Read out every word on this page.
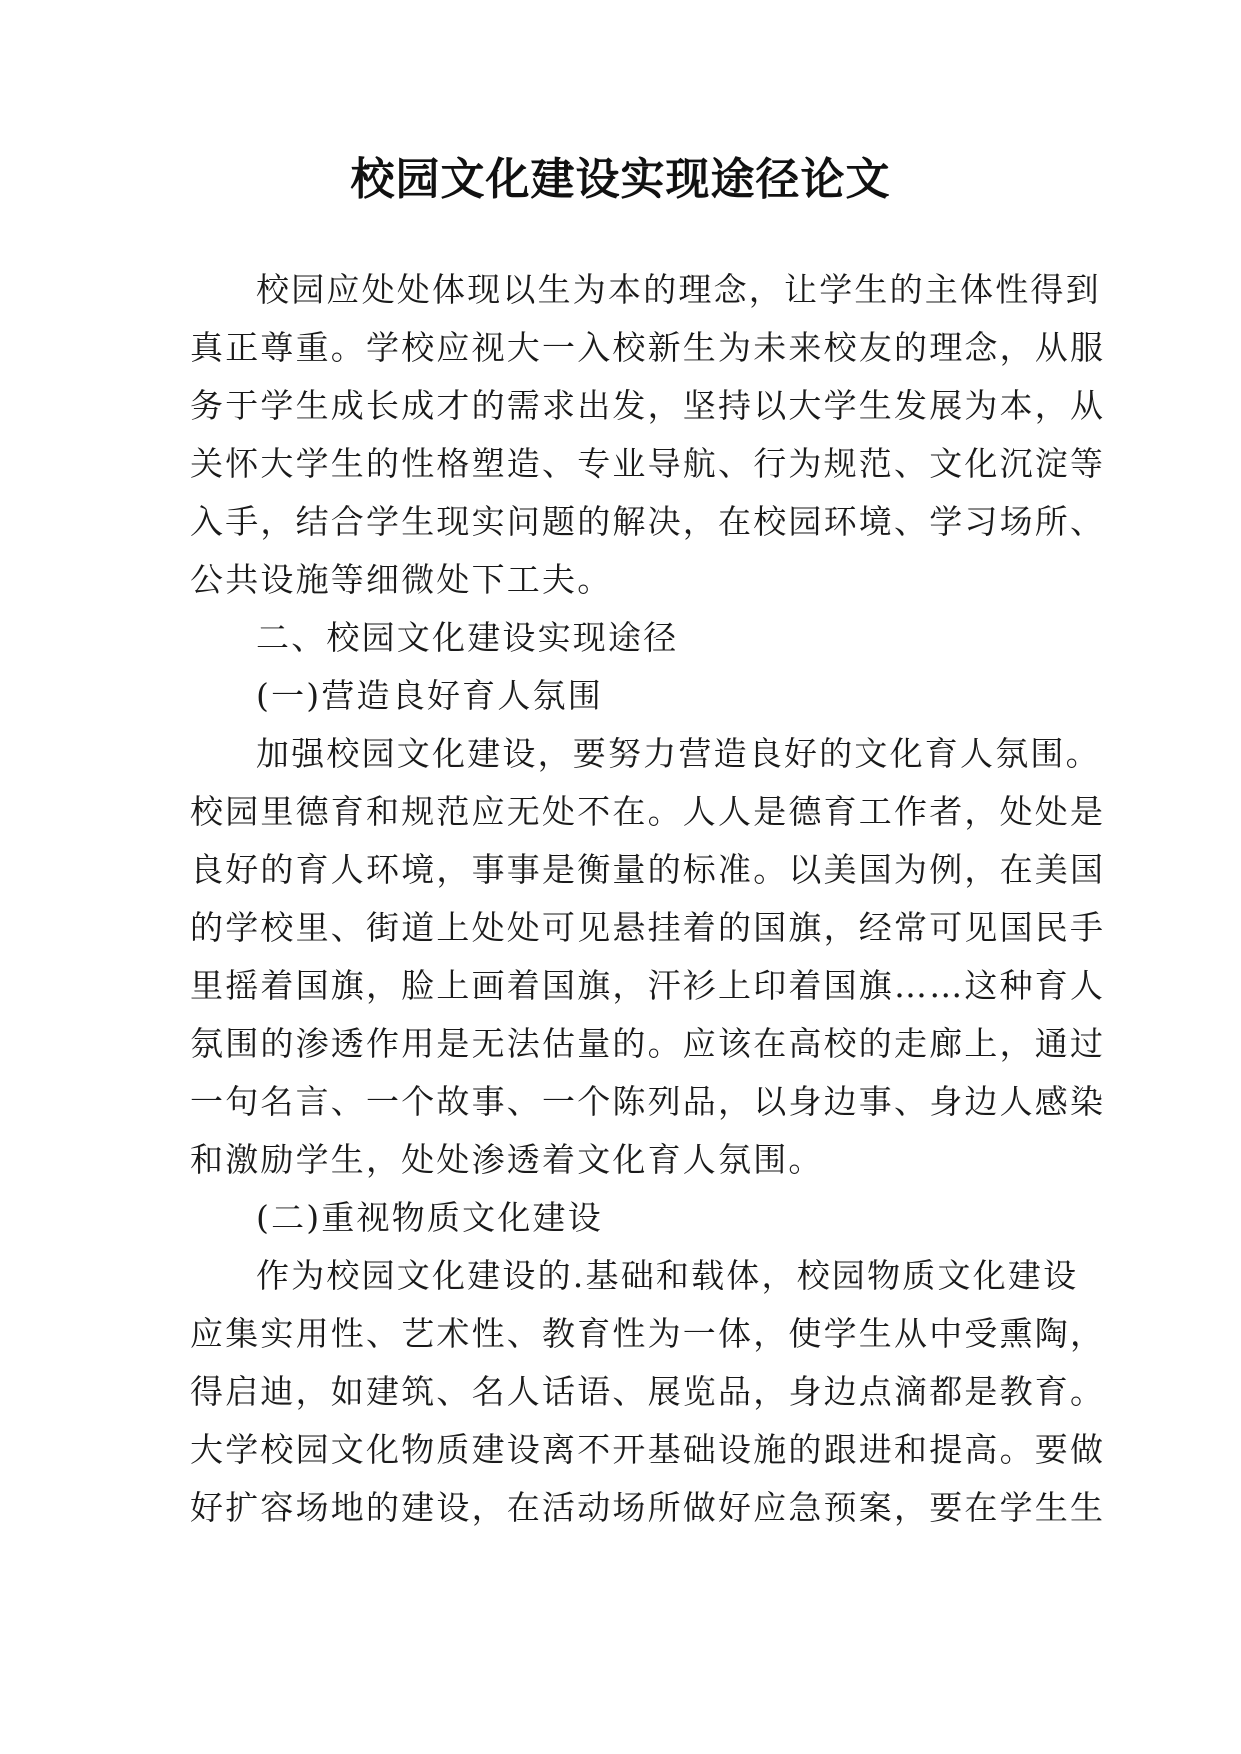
校园文化建设实现途径论文
校园应处处体现以生为本的理念，让学生的主体性得到
真正尊重。学校应视大一入校新生为未来校友的理念，从服
务于学生成长成才的需求出发，坚持以大学生发展为本，从
关怀大学生的性格塑造、专业导航、行为规范、文化沉淀等
入手，结合学生现实问题的解决，在校园环境、学习场所、
公共设施等细微处下工夫。
二、校园文化建设实现途径
(一)营造良好育人氛围
加强校园文化建设，要努力营造良好的文化育人氛围。
校园里德育和规范应无处不在。人人是德育工作者，处处是
良好的育人环境，事事是衡量的标准。以美国为例，在美国
的学校里、街道上处处可见悬挂着的国旗，经常可见国民手
里摇着国旗，脸上画着国旗，汗衫上印着国旗……这种育人
氛围的渗透作用是无法估量的。应该在高校的走廊上，通过
一句名言、一个故事、一个陈列品，以身边事、身边人感染
和激励学生，处处渗透着文化育人氛围。
(二)重视物质文化建设
作为校园文化建设的.基础和载体，校园物质文化建设
应集实用性、艺术性、教育性为一体，使学生从中受熏陶，
得启迪，如建筑、名人话语、展览品，身边点滴都是教育。
大学校园文化物质建设离不开基础设施的跟进和提高。要做
好扩容场地的建设，在活动场所做好应急预案，要在学生生
